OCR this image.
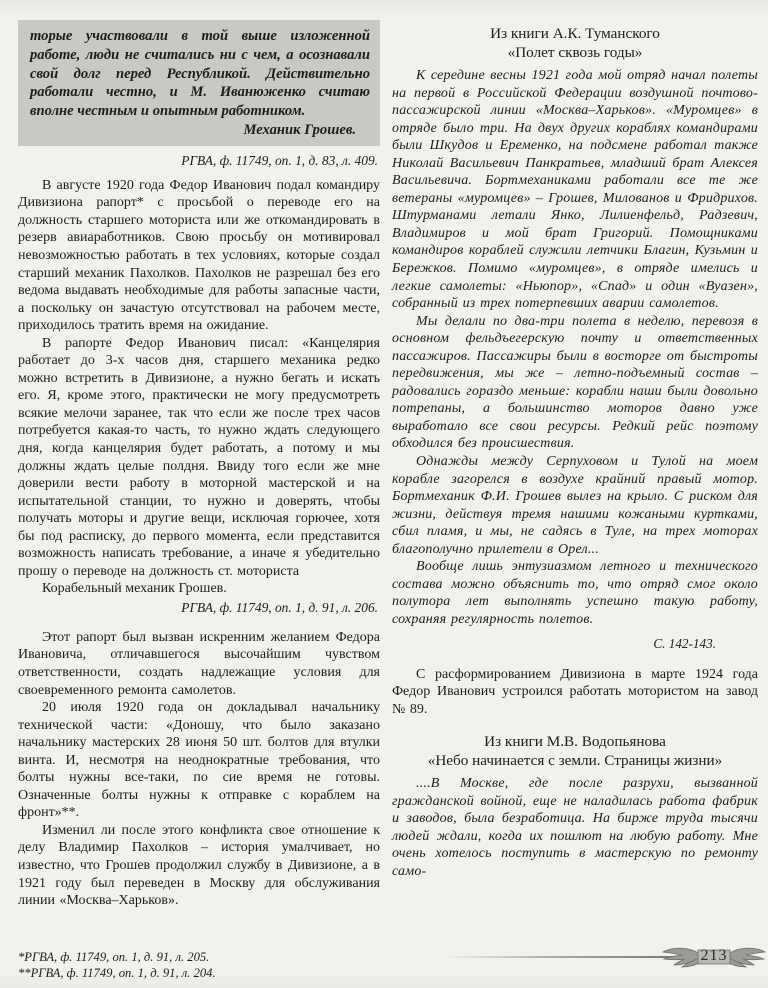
торые участвовали в той выше изложенной работе, люди не считались ни с чем, а осознавали свой долг перед Республикой. Действительно работали честно, и М. Иванюженко считаю вполне честным и опытным работником.
Механик Грошев.
РГВА, ф. 11749, оп. 1, д. 83, л. 409.

В августе 1920 года Федор Иванович подал командиру Дивизиона рапорт* с просьбой о переводе его на должность старшего моториста или же откомандировать в резерв авиаработников. Свою просьбу он мотивировал невозможностью работать в тех условиях, которые создал старший механик Пахолков. Пахолков не разрешал без его ведома выдавать необходимые для работы запасные части, а поскольку он зачастую отсутствовал на рабочем месте, приходилось тратить время на ожидание.

В рапорте Федор Иванович писал: «Канцелярия работает до 3-х часов дня, старшего механика редко можно встретить в Дивизионе, а нужно бегать и искать его. Я, кроме этого, практически не могу предусмотреть всякие мелочи заранее, так что если же после трех часов потребуется какая-то часть, то нужно ждать следующего дня, когда канцелярия будет работать, а потому и мы должны ждать целые полдня. Ввиду того если же мне доверили вести работу в моторной мастерской и на испытательной станции, то нужно и доверять, чтобы получать моторы и другие вещи, исключая горючее, хотя бы под расписку, до первого момента, если представится возможность написать требование, а иначе я убедительно прошу о переводе на должность ст. моториста

Корабельный механик Грошев.
РГВА, ф. 11749, оп. 1, д. 91, л. 206.

Этот рапорт был вызван искренним желанием Федора Ивановича, отличавшегося высочайшим чувством ответственности, создать надлежащие условия для своевременного ремонта самолетов.

20 июля 1920 года он докладывал начальнику технической части: «Доношу, что было заказано начальнику мастерских 28 июня 50 шт. болтов для втулки винта. И, несмотря на неоднократные требования, что болты нужны все-таки, по сие время не готовы. Означенные болты нужны к отправке с кораблем на фронт»**.

Изменил ли после этого конфликта свое отношение к делу Владимир Пахолков – история умалчивает, но известно, что Грошев продолжил службу в Дивизионе, а в 1921 году был переведен в Москву для обслуживания линии «Москва–Харьков».

*РГВА, ф. 11749, оп. 1, д. 91, л. 205.
**РГВА, ф. 11749, оп. 1, д. 91, л. 204.
Из книги А.К. Туманского
«Полет сквозь годы»

К середине весны 1921 года мой отряд начал полеты на первой в Российской Федерации воздушной почтово-пассажирской линии «Москва–Харьков». «Муромцев» в отряде было три. На двух других кораблях командирами были Шкудов и Еременко, на подсмене работал также Николай Васильевич Панкратьев, младший брат Алексея Васильевича. Бортмеханиками работали все те же ветераны «муромцев» – Грошев, Милованов и Фридрихов. Штурманами летали Янко, Лилиенфельд, Радзевич, Владимиров и мой брат Григорий. Помощниками командиров кораблей служили летчики Благин, Кузьмин и Бережков. Помимо «муромцев», в отряде имелись и легкие самолеты: «Ньюпор», «Спад» и один «Вуазен», собранный из трех потерпевших аварии самолетов.

Мы делали по два-три полета в неделю, перевозя в основном фельдъегерскую почту и ответственных пассажиров. Пассажиры были в восторге от быстроты передвижения, мы же – летно-подъемный состав – радовались гораздо меньше: корабли наши были довольно потрепаны, а большинство моторов давно уже выработало все свои ресурсы. Редкий рейс поэтому обходился без происшествия.

Однажды между Серпуховом и Тулой на моем корабле загорелся в воздухе крайний правый мотор. Бортмеханик Ф.И. Грошев вылез на крыло. С риском для жизни, действуя тремя нашими кожаными куртками, сбил пламя, и мы, не садясь в Туле, на трех моторах благополучно прилетели в Орел...

Вообще лишь энтузиазмом летного и технического состава можно объяснить то, что отряд смог около полутора лет выполнять успешно такую работу, сохраняя регулярность полетов.

С. 142-143.

С расформированием Дивизиона в марте 1924 года Федор Иванович устроился работать мотористом на завод № 89.

Из книги М.В. Водопьянова
«Небо начинается с земли. Страницы жизни»

....В Москве, где после разрухи, вызванной гражданской войной, еще не наладилась работа фабрик и заводов, была безработица. На бирже труда тысячи людей ждали, когда их пошлют на любую работу. Мне очень хотелось поступить в мастерскую по ремонту само-

213
